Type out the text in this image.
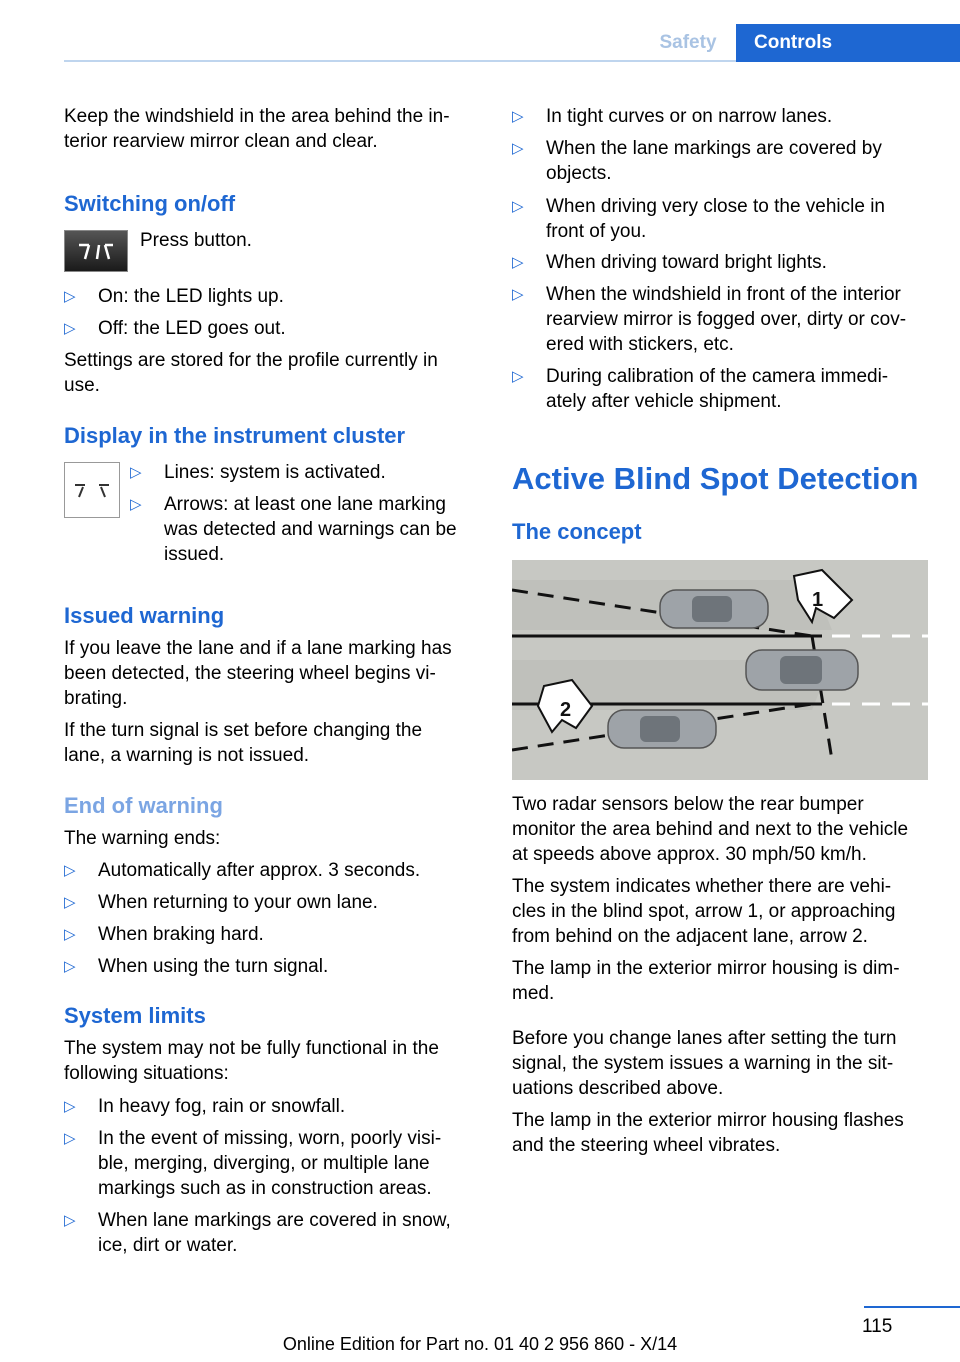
Safety	Controls
Keep the windshield in the area behind the in-
terior rearview mirror clean and clear.
Switching on/off
Press button.
▷ On: the LED lights up.
▷ Off: the LED goes out.
Settings are stored for the profile currently in
use.
Display in the instrument cluster
▷ Lines: system is activated.
▷ Arrows: at least one lane marking
was detected and warnings can be
issued.
Issued warning
If you leave the lane and if a lane marking has
been detected, the steering wheel begins vi-
brating.
If the turn signal is set before changing the
lane, a warning is not issued.
End of warning
The warning ends:
▷ Automatically after approx. 3 seconds.
▷ When returning to your own lane.
▷ When braking hard.
▷ When using the turn signal.
System limits
The system may not be fully functional in the
following situations:
▷ In heavy fog, rain or snowfall.
▷ In the event of missing, worn, poorly visi-
ble, merging, diverging, or multiple lane
markings such as in construction areas.
▷ When lane markings are covered in snow,
ice, dirt or water.
▷ In tight curves or on narrow lanes.
▷ When the lane markings are covered by
objects.
▷ When driving very close to the vehicle in
front of you.
▷ When driving toward bright lights.
▷ When the windshield in front of the interior
rearview mirror is fogged over, dirty or cov-
ered with stickers, etc.
▷ During calibration of the camera immedi-
ately after vehicle shipment.
Active Blind Spot Detection
The concept
1
2
Two radar sensors below the rear bumper
monitor the area behind and next to the vehicle
at speeds above approx. 30 mph/50 km/h.
The system indicates whether there are vehi-
cles in the blind spot, arrow 1, or approaching
from behind on the adjacent lane, arrow 2.
The lamp in the exterior mirror housing is dim-
med.
Before you change lanes after setting the turn
signal, the system issues a warning in the sit-
uations described above.
The lamp in the exterior mirror housing flashes
and the steering wheel vibrates.
115
Online Edition for Part no. 01 40 2 956 860 - X/14
